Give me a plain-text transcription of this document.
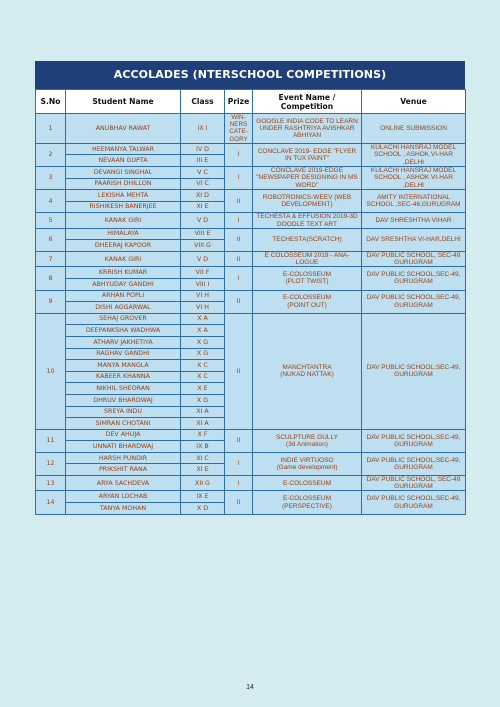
ACCOLADES (NTERSCHOOL COMPETITIONS)
S.No	Student Name	Class	Prize	Event Name / Competition	Venue
1	ANUBHAV RAWAT	IX I	WIN-NERS CATE-GORY	GOOGLE INDIA CODE TO LEARN UNDER RASHTRIYA AVISHKAR ABHIYAN	ONLINE SUBMISSION
2	HEEMANYA TALWAR	IV D	I	CONCLAVE 2019- EDGE "FLYER IN TUX PAINT"	KULACHI HANSRAJ MODEL SCHOOL , ASHOK VI-HAR ,DELHI
	NEVAAN GUPTA	III E			
3	DEVANGI SINGHAL	V C	I	CONCLAVE 2019-EDGE "NEWSPAPER DESIGNING IN MS WORD"	KULACHI HANSRAJ MODEL SCHOOL , ASHOK VI-HAR ,DELHI
	PAARISH DHILLON	VI C			
4	LEKISHA MEHTA	XI D	II	ROBOTRONICS-WEEV (WEB DEVELOPMENT)	AMITY INTERNATIONAL SCHOOL ,SEC-46,GURUGRAM
	RISHIKESH BANERJEE	XI E			
5	KANAK GIRI	V D	I	TECHESTA & EFFUSION 2019-3D DOODLE TEXT ART	DAV SHRESHTHA VIHAR
6	HIMALAYA	VIII E	II	TECHESTA(SCRATCH)	DAV SRESHTHA VI-HAR,DELHI
	DHEERAJ KAPOOR	VIII G			
7	KANAK GIRI	V D	II	E COLOSSEUM 2019 - ANA-LOGUE	DAV PUBLIC SCHOOL, SEC-49 GURUGRAM
8	KRRISH KUMAR	VII F	I	E-COLOSSEUM
(PLOT TWIST)	DAV PUBLIC SCHOOL,SEC-49, GURUGRAM
	ABHYUDAY GANDHI	VIII I			
9	ARHAN POPLI	VI H	II	E-COLOSSEUM
(POINT OUT)	DAV PUBLIC SCHOOL,SEC-49, GURUGRAM
	DISHI AGGARWAL	VI H			
10	SEHAJ GROVER	X A	II	MANCHTANTRA
(NUKAD NATTAK)	DAV PUBLIC SCHOOL,SEC-49, GURUGRAM
	DEEPANKSHA WADHWA	X A			
	ATHARV JAKHETIYA	X G			
	RAGHAV GANDHI	X G			
	MANYA MANGLA	X C			
	KABEER KHANNA	X C			
	NIKHIL SHEORAN	X E			
	DHRUV BHARDWAJ	X G			
	SREYA INDU	XI A			
	SIMRAN CHOTANI	XI A			
11	DEV AHUJA	X F	II	SCULPTURE GULLY
(3d Animation)	DAV PUBLIC SCHOOL,SEC-49, GURUGRAM
	UNNATI BHARDWAJ	IX B			
12	HARSH PUNDIR	XI C	I	INDIE VIRTUOSO
(Game development)	DAV PUBLIC SCHOOL,SEC-49, GURUGRAM
	PRIKSHIT RANA	XI E			
13	ARYA SACHDEVA	XII G	I	E-COLOSSEUM	DAV PUBLIC SCHOOL, SEC-49 GURUGRAM
14	ARYAN LOCHAB	IX E	II	E-COLOSSEUM
(PERSPECTIVE)	DAV PUBLIC SCHOOL,SEC-49, GURUGRAM
	TANYA MOHAN	X D			
14
